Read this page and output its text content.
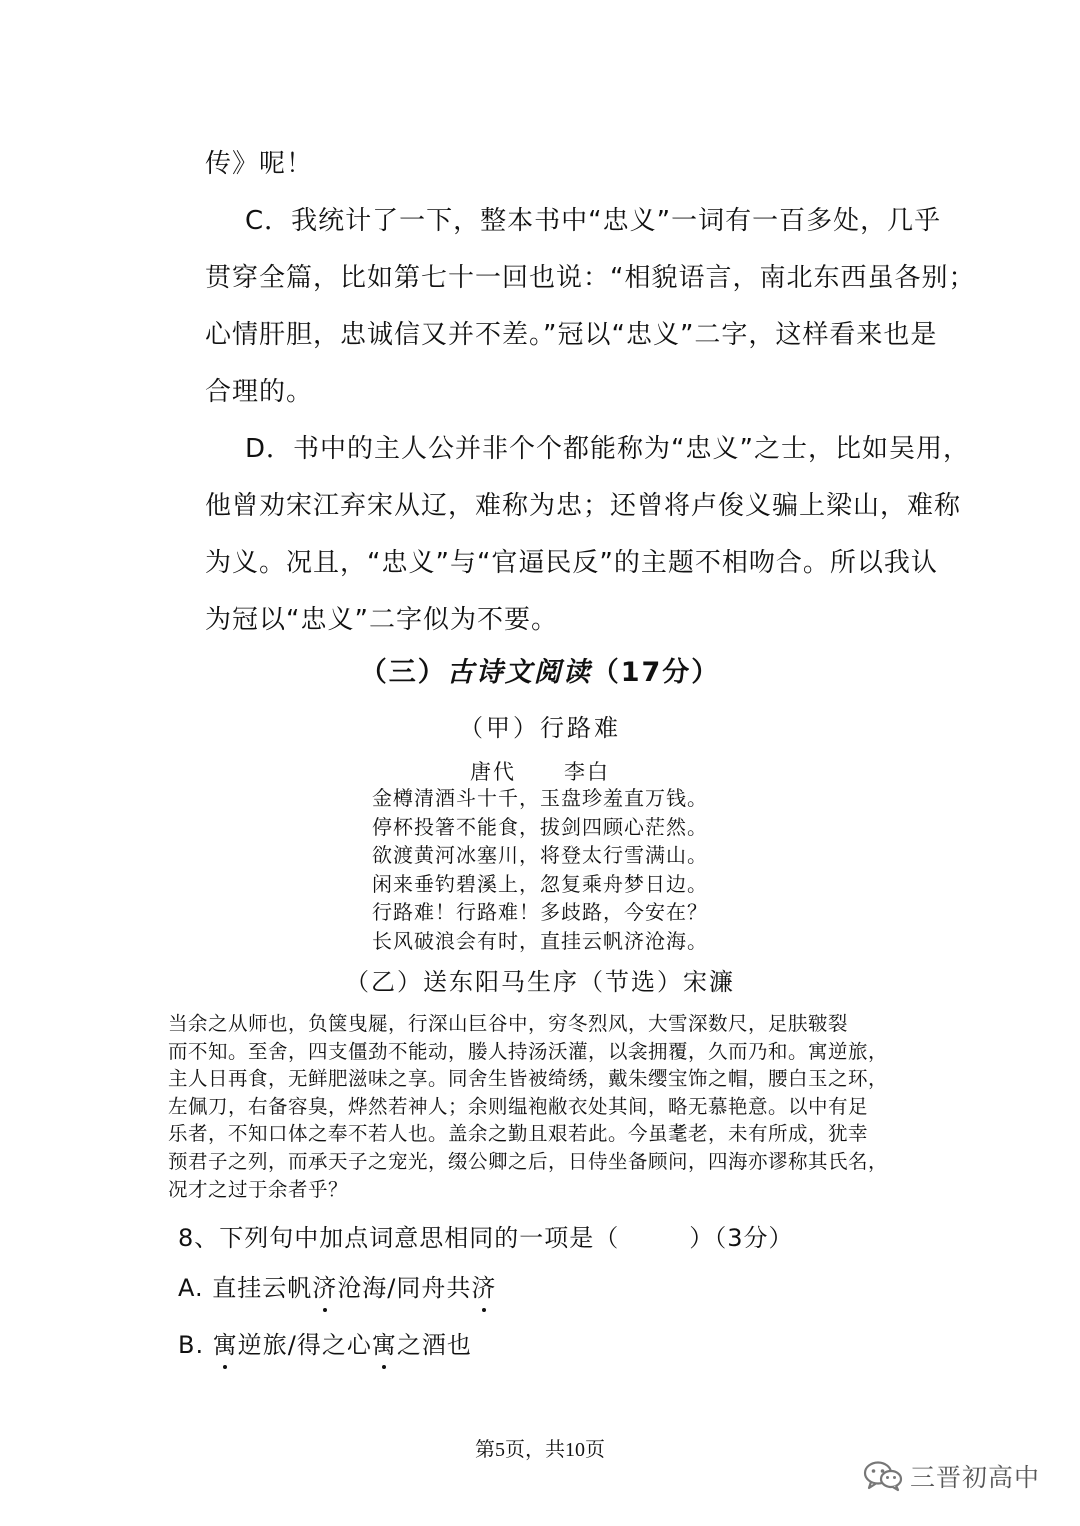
传》呢！
C．我统计了一下，整本书中“忠义”一词有一百多处，几乎
贯穿全篇，比如第七十一回也说：“相貌语言，南北东西虽各别；
心情肝胆，忠诚信又并不差。”冠以“忠义”二字，这样看来也是
合理的。
D．书中的主人公并非个个都能称为“忠义”之士，比如吴用，
他曾劝宋江弃宋从辽，难称为忠；还曾将卢俊义骗上梁山，难称
为义。况且，“忠义”与“官逼民反”的主题不相吻合。所以我认
为冠以“忠义”二字似为不要。
（三）古诗文阅读（17分）
（甲）行路难
唐代 李白
金樽清酒斗十千，玉盘珍羞直万钱。
停杯投箸不能食，拔剑四顾心茫然。
欲渡黄河冰塞川，将登太行雪满山。
闲来垂钓碧溪上，忽复乘舟梦日边。
行路难！行路难！多歧路，今安在？
长风破浪会有时，直挂云帆济沧海。
（乙）送东阳马生序（节选）宋濂
当余之从师也，负箧曳屣，行深山巨谷中，穷冬烈风，大雪深数尺，足肤皲裂
而不知。至舍，四支僵劲不能动，媵人持汤沃灌，以衾拥覆，久而乃和。寓逆旅，
主人日再食，无鲜肥滋味之享。同舍生皆被绮绣，戴朱缨宝饰之帽，腰白玉之环，
左佩刀，右备容臭，烨然若神人；余则缊袍敝衣处其间，略无慕艳意。以中有足
乐者，不知口体之奉不若人也。盖余之勤且艰若此。今虽耄老，未有所成，犹幸
预君子之列，而承天子之宠光，缀公卿之后，日侍坐备顾问，四海亦谬称其氏名，
况才之过于余者乎？
8、下列句中加点词意思相同的一项是（	）（3分）
A. 直挂云帆济沧海/同舟共济
B. 寓逆旅/得之心寓之酒也
第5页，共10页
三晋初高中
